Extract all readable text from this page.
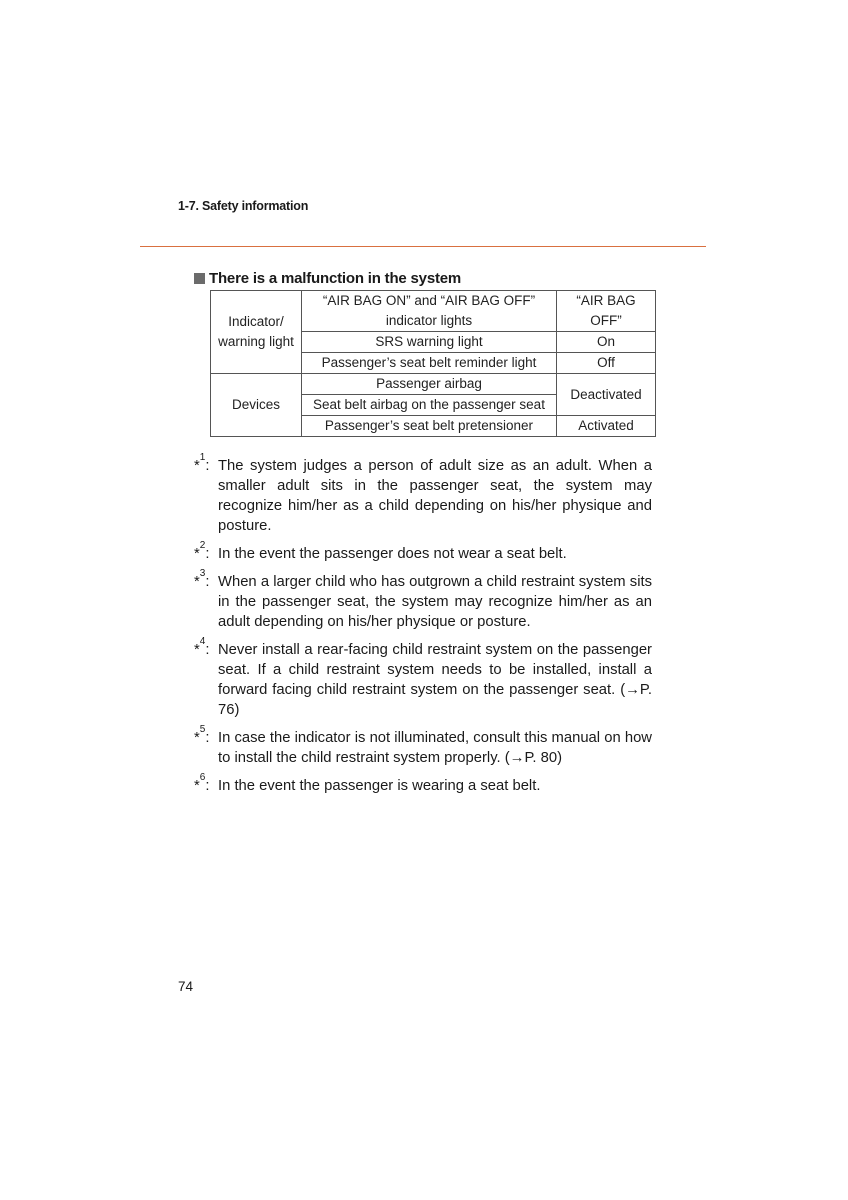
1-7. Safety information
There is a malfunction in the system
Indicator/ warning light	“AIR BAG ON” and “AIR BAG OFF” indicator lights	“AIR BAG OFF”
	SRS warning light	On
	Passenger’s seat belt reminder light	Off
Devices	Passenger airbag	Deactivated
	Seat belt airbag on the passenger seat	
	Passenger’s seat belt pretensioner	Activated
*$^1$: The system judges a person of adult size as an adult. When a smaller adult sits in the passenger seat, the system may recognize him/her as a child depending on his/her physique and posture.
*$^2$: In the event the passenger does not wear a seat belt.
*$^3$: When a larger child who has outgrown a child restraint system sits in the passenger seat, the system may recognize him/her as an adult depending on his/her physique or posture.
*$^4$: Never install a rear-facing child restraint system on the passenger seat. If a child restraint system needs to be installed, install a forward facing child restraint system on the passenger seat. (→P. 76)
*$^5$: In case the indicator is not illuminated, consult this manual on how to install the child restraint system properly. (→P. 80)
*$^6$: In the event the passenger is wearing a seat belt.
74
